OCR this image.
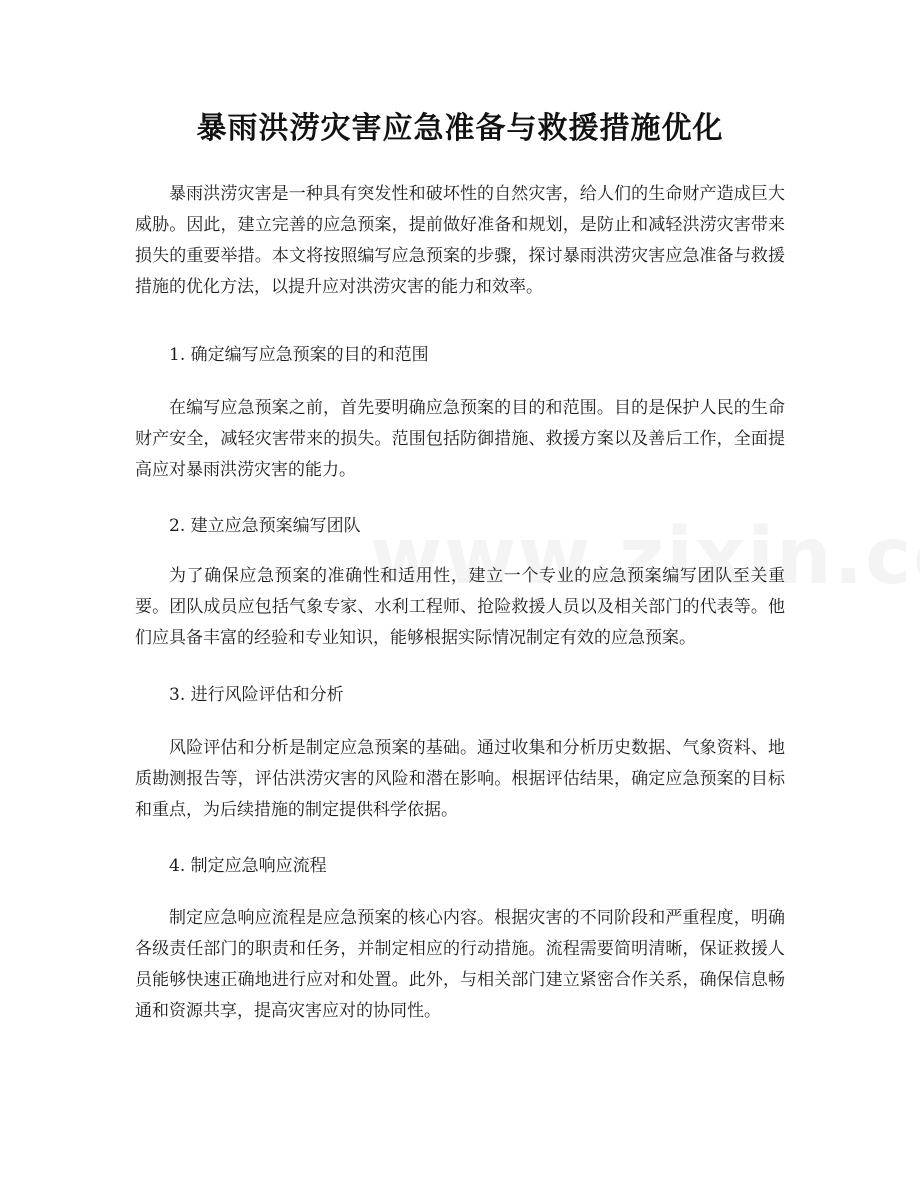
暴雨洪涝灾害应急准备与救援措施优化

暴雨洪涝灾害是一种具有突发性和破坏性的自然灾害，给人们的生命财产造成巨大威胁。因此，建立完善的应急预案，提前做好准备和规划，是防止和减轻洪涝灾害带来损失的重要举措。本文将按照编写应急预案的步骤，探讨暴雨洪涝灾害应急准备与救援措施的优化方法，以提升应对洪涝灾害的能力和效率。

1. 确定编写应急预案的目的和范围

在编写应急预案之前，首先要明确应急预案的目的和范围。目的是保护人民的生命财产安全，减轻灾害带来的损失。范围包括防御措施、救援方案以及善后工作，全面提高应对暴雨洪涝灾害的能力。

2. 建立应急预案编写团队

为了确保应急预案的准确性和适用性，建立一个专业的应急预案编写团队至关重要。团队成员应包括气象专家、水利工程师、抢险救援人员以及相关部门的代表等。他们应具备丰富的经验和专业知识，能够根据实际情况制定有效的应急预案。

3. 进行风险评估和分析

风险评估和分析是制定应急预案的基础。通过收集和分析历史数据、气象资料、地质勘测报告等，评估洪涝灾害的风险和潜在影响。根据评估结果，确定应急预案的目标和重点，为后续措施的制定提供科学依据。

4. 制定应急响应流程

制定应急响应流程是应急预案的核心内容。根据灾害的不同阶段和严重程度，明确各级责任部门的职责和任务，并制定相应的行动措施。流程需要简明清晰，保证救援人员能够快速正确地进行应对和处置。此外，与相关部门建立紧密合作关系，确保信息畅通和资源共享，提高灾害应对的协同性。
